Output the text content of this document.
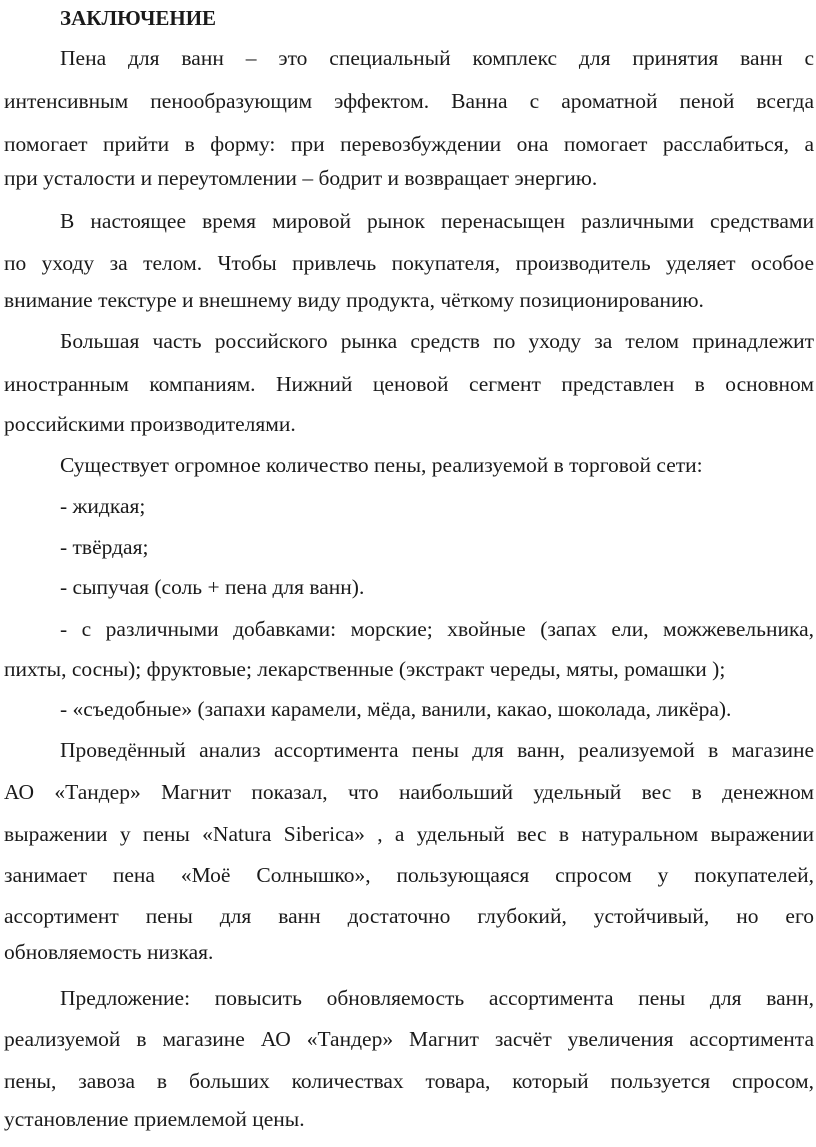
ЗАКЛЮЧЕНИЕ

Пена для ванн – это специальный комплекс для принятия ванн с

интенсивным пенообразующим эффектом. Ванна с ароматной пеной всегда

помогает прийти в форму: при перевозбуждении она помогает расслабиться, а

при усталости и переутомлении – бодрит и возвращает энергию.

В настоящее время мировой рынок перенасыщен различными средствами

по уходу за телом. Чтобы привлечь покупателя, производитель уделяет особое

внимание текстуре и внешнему виду продукта, чёткому позиционированию.

Большая часть российского рынка средств по уходу за телом принадлежит

иностранным компаниям. Нижний ценовой сегмент представлен в основном

российскими производителями.

Существует огромное количество пены, реализуемой в торговой сети:

- жидкая;

- твёрдая;

- сыпучая (соль + пена для ванн).

- с различными добавками: морские; хвойные (запах ели, можжевельника,

пихты, сосны); фруктовые; лекарственные (экстракт череды, мяты, ромашки );

- «съедобные» (запахи карамели, мёда, ванили, какао, шоколада, ликёра).

Проведённый анализ ассортимента пены для ванн, реализуемой в магазине

АО «Тандер» Магнит показал, что наибольший удельный вес в денежном

выражении у пены «Natura Siberica» , а удельный вес в натуральном выражении

занимает пена «Моё Солнышко», пользующаяся спросом у покупателей,

ассортимент пены для ванн достаточно глубокий, устойчивый, но его

обновляемость низкая.

Предложение: повысить обновляемость ассортимента пены для ванн,

реализуемой в магазине АО «Тандер» Магнит засчёт увеличения ассортимента

пены, завоза в больших количествах товара, который пользуется спросом,

установление приемлемой цены.
